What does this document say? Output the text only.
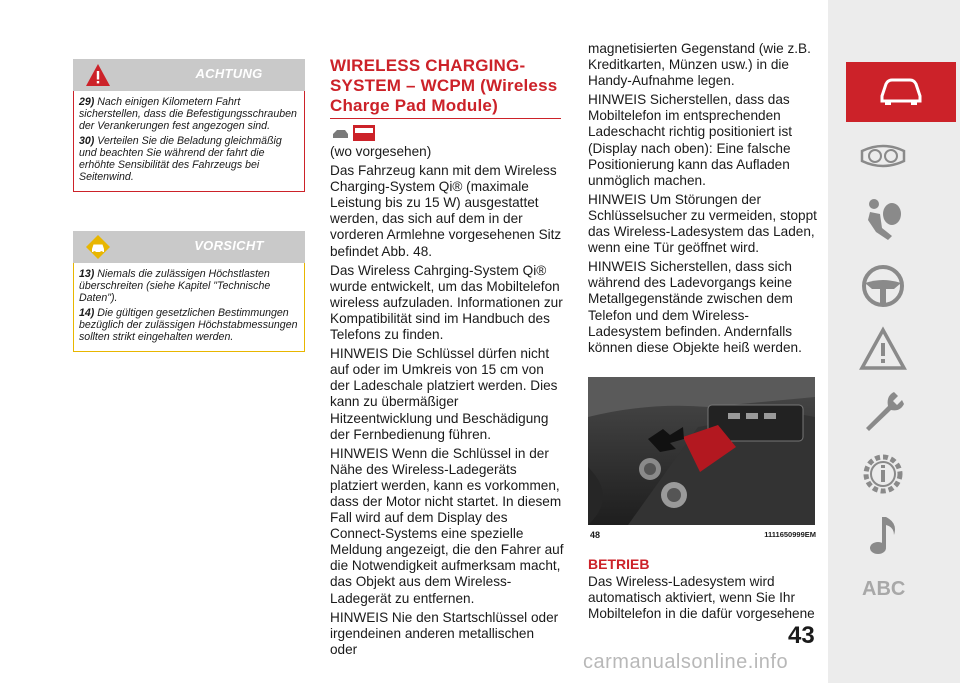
ACHTUNG

29) Nach einigen Kilometern Fahrt sicherstellen, dass die Befestigungsschrauben der Verankerungen fest angezogen sind.

30) Verteilen Sie die Beladung gleichmäßig und beachten Sie während der fahrt die erhöhte Sensibilität des Fahrzeugs bei Seitenwind.

VORSICHT

13) Niemals die zulässigen Höchstlasten überschreiten (siehe Kapitel "Technische Daten").

14) Die gültigen gesetzlichen Bestimmungen bezüglich der zulässigen Höchstabmessungen sollten strikt eingehalten werden.

WIRELESS CHARGING-SYSTEM – WCPM (Wireless Charge Pad Module)

(wo vorgesehen)

Das Fahrzeug kann mit dem Wireless Charging-System Qi® (maximale Leistung bis zu 15 W) ausgestattet werden, das sich auf dem in der vorderen Armlehne vorgesehenen Sitz befindet Abb. 48.

Das Wireless Cahrging-System Qi® wurde entwickelt, um das Mobiltelefon wireless aufzuladen. Informationen zur Kompatibilität sind im Handbuch des Telefons zu finden.

HINWEIS Die Schlüssel dürfen nicht auf oder im Umkreis von 15 cm von der Ladeschale platziert werden. Dies kann zu übermäßiger Hitzeentwicklung und Beschädigung der Fernbedienung führen.

HINWEIS Wenn die Schlüssel in der Nähe des Wireless-Ladegeräts platziert werden, kann es vorkommen, dass der Motor nicht startet. In diesem Fall wird auf dem Display des Connect-Systems eine spezielle Meldung angezeigt, die den Fahrer auf die Notwendigkeit aufmerksam macht, das Objekt aus dem Wireless-Ladegerät zu entfernen.

HINWEIS Nie den Startschlüssel oder irgendeinen anderen metallischen oder

magnetisierten Gegenstand (wie z.B. Kreditkarten, Münzen usw.) in die Handy-Aufnahme legen.

HINWEIS Sicherstellen, dass das Mobiltelefon im entsprechenden Ladeschacht richtig positioniert ist (Display nach oben): Eine falsche Positionierung kann das Aufladen unmöglich machen.

HINWEIS Um Störungen der Schlüsselsucher zu vermeiden, stoppt das Wireless-Ladesystem das Laden, wenn eine Tür geöffnet wird.

HINWEIS Sicherstellen, dass sich während des Ladevorgangs keine Metallgegenstände zwischen dem Telefon und dem Wireless-Ladesystem befinden. Andernfalls können diese Objekte heiß werden.

48	1111650999EM
BETRIEB

Das Wireless-Ladesystem wird automatisch aktiviert, wenn Sie Ihr Mobiltelefon in die dafür vorgesehene

43
ABC
carmanualsonline.info
